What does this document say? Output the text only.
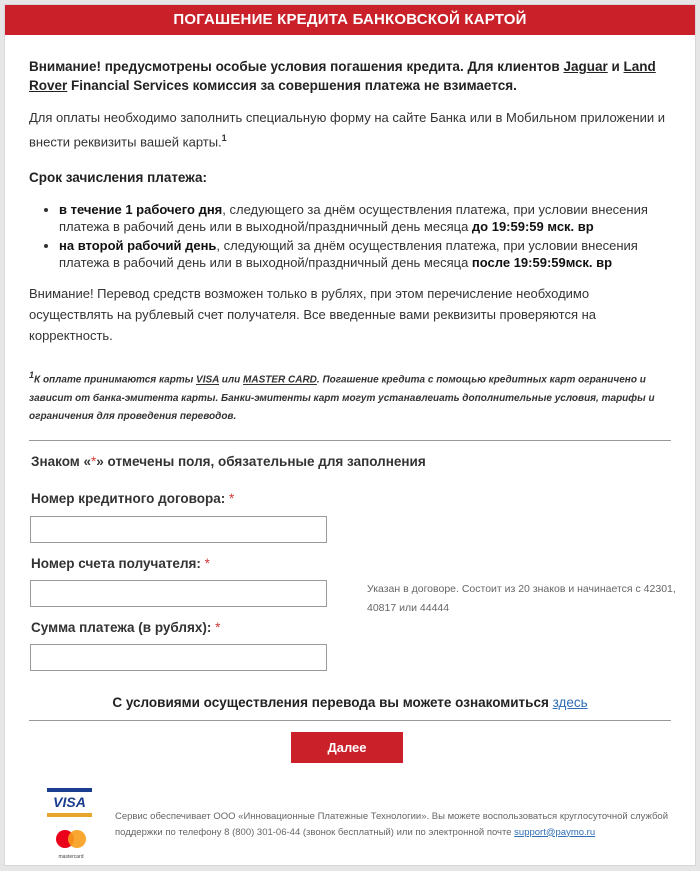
ПОГАШЕНИЕ КРЕДИТА БАНКОВСКОЙ КАРТОЙ
Внимание! предусмотрены особые условия погашения кредита. Для клиентов Jaguar и Land Rover Financial Services комиссия за совершения платежа не взимается.
Для оплаты необходимо заполнить специальную форму на сайте Банка или в Мобильном приложении и внести реквизиты вашей карты.$^1$
Срок зачисления платежа:
• в течение 1 рабочего дня, следующего за днём осуществления платежа, при условии внесения платежа в рабочий день или в выходной/праздничный день месяца до 19:59:59 мск. вр
• на второй рабочий день, следующий за днём осуществления платежа, при условии внесения платежа в рабочий день или в выходной/праздничный день месяца после 19:59:59мск. вр
Внимание! Перевод средств возможен только в рублях, при этом перечисление необходимо осуществлять на рублевый счет получателя. Все введенные вами реквизиты проверяются на корректность.
1К оплате принимаются карты VISA или MASTER CARD. Погашение кредита с помощью кредитных карт ограничено и зависит от банка-эмитента карты. Банки-эмитенты карт могут устанавлеиать дополнительные условия, тарифы и ограничения для проведения переводов.
Знаком «*» отмечены поля, обязательные для заполнения
Номер кредитного договора: *
Номер счета получателя: *
Указан в договоре. Состоит из 20 знаков и начинается с 42301, 40817 или 44444
Сумма платежа (в рублях): *
С условиями осуществления перевода вы можете ознакомиться здесь
Далее
VISA
mastercard
Сервис обеспечивает ООО «Инновационные Платежные Технологии». Вы можете воспользоваться круглосуточной службой поддержки по телефону 8 (800) 301-06-44 (звонок бесплатный) или по электронной почте support@paymo.ru
